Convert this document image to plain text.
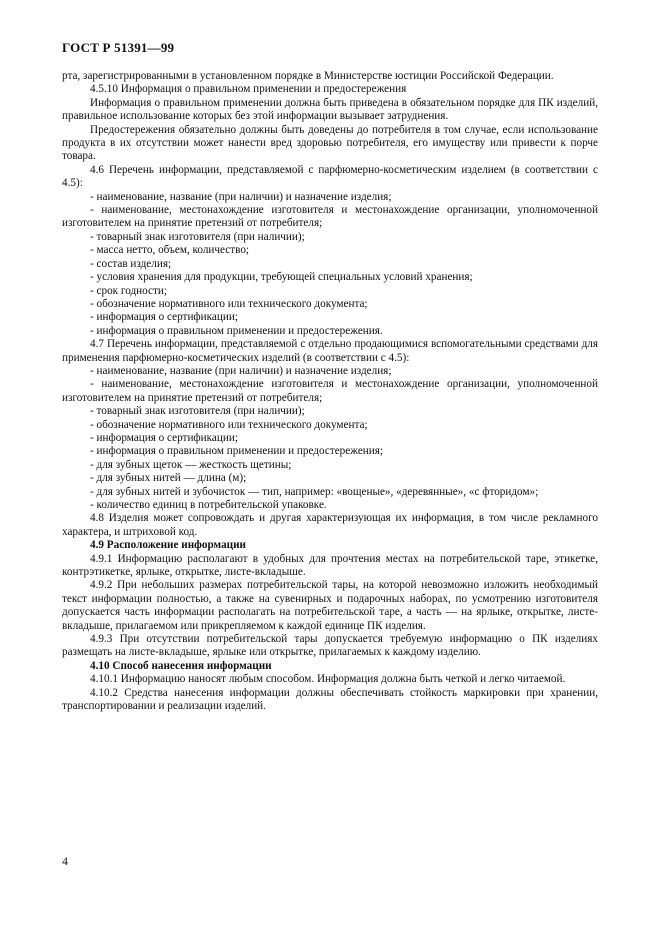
ГОСТ Р 51391—99

рта, зарегистрированными в установленном порядке в Министерстве юстиции Российской Федерации.

4.5.10 Информация о правильном применении и предостережения

Информация о правильном применении должна быть приведена в обязательном порядке для ПК изделий, правильное использование которых без этой информации вызывает затруднения.

Предостережения обязательно должны быть доведены до потребителя в том случае, если использование продукта в их отсутствии может нанести вред здоровью потребителя, его имуществу или привести к порче товара.

4.6 Перечень информации, представляемой с парфюмерно-косметическим изделием (в соответствии с 4.5):

- наименование, название (при наличии) и назначение изделия;

- наименование, местонахождение изготовителя и местонахождение организации, уполномоченной изготовителем на принятие претензий от потребителя;

- товарный знак изготовителя (при наличии);

- масса нетто, объем, количество;

- состав изделия;

- условия хранения для продукции, требующей специальных условий хранения;

- срок годности;

- обозначение нормативного или технического документа;

- информация о сертификации;

- информация о правильном применении и предостережения.

4.7 Перечень информации, представляемой с отдельно продающимися вспомогательными средствами для применения парфюмерно-косметических изделий (в соответствии с 4.5):

- наименование, название (при наличии) и назначение изделия;

- наименование, местонахождение изготовителя и местонахождение организации, уполномоченной изготовителем на принятие претензий от потребителя;

- товарный знак изготовителя (при наличии);

- обозначение нормативного или технического документа;

- информация о сертификации;

- информация о правильном применении и предостережения;

- для зубных щеток — жесткость щетины;

- для зубных нитей — длина (м);

- для зубных нитей и зубочисток — тип, например: «вощеные», «деревянные», «с фторидом»;

- количество единиц в потребительской упаковке.

4.8 Изделия может сопровождать и другая характеризующая их информация, в том числе рекламного характера, и штриховой код.

4.9 Расположение информации

4.9.1 Информацию располагают в удобных для прочтения местах на потребительской таре, этикетке, контрэтикетке, ярлыке, открытке, листе-вкладыше.

4.9.2 При небольших размерах потребительской тары, на которой невозможно изложить необходимый текст информации полностью, а также на сувенирных и подарочных наборах, по усмотрению изготовителя допускается часть информации располагать на потребительской таре, а часть — на ярлыке, открытке, листе-вкладыше, прилагаемом или прикрепляемом к каждой единице ПК изделия.

4.9.3 При отсутствии потребительской тары допускается требуемую информацию о ПК изделиях размещать на листе-вкладыше, ярлыке или открытке, прилагаемых к каждому изделию.

4.10 Способ нанесения информации

4.10.1 Информацию наносят любым способом. Информация должна быть четкой и легко читаемой.

4.10.2 Средства нанесения информации должны обеспечивать стойкость маркировки при хранении, транспортировании и реализации изделий.

4
